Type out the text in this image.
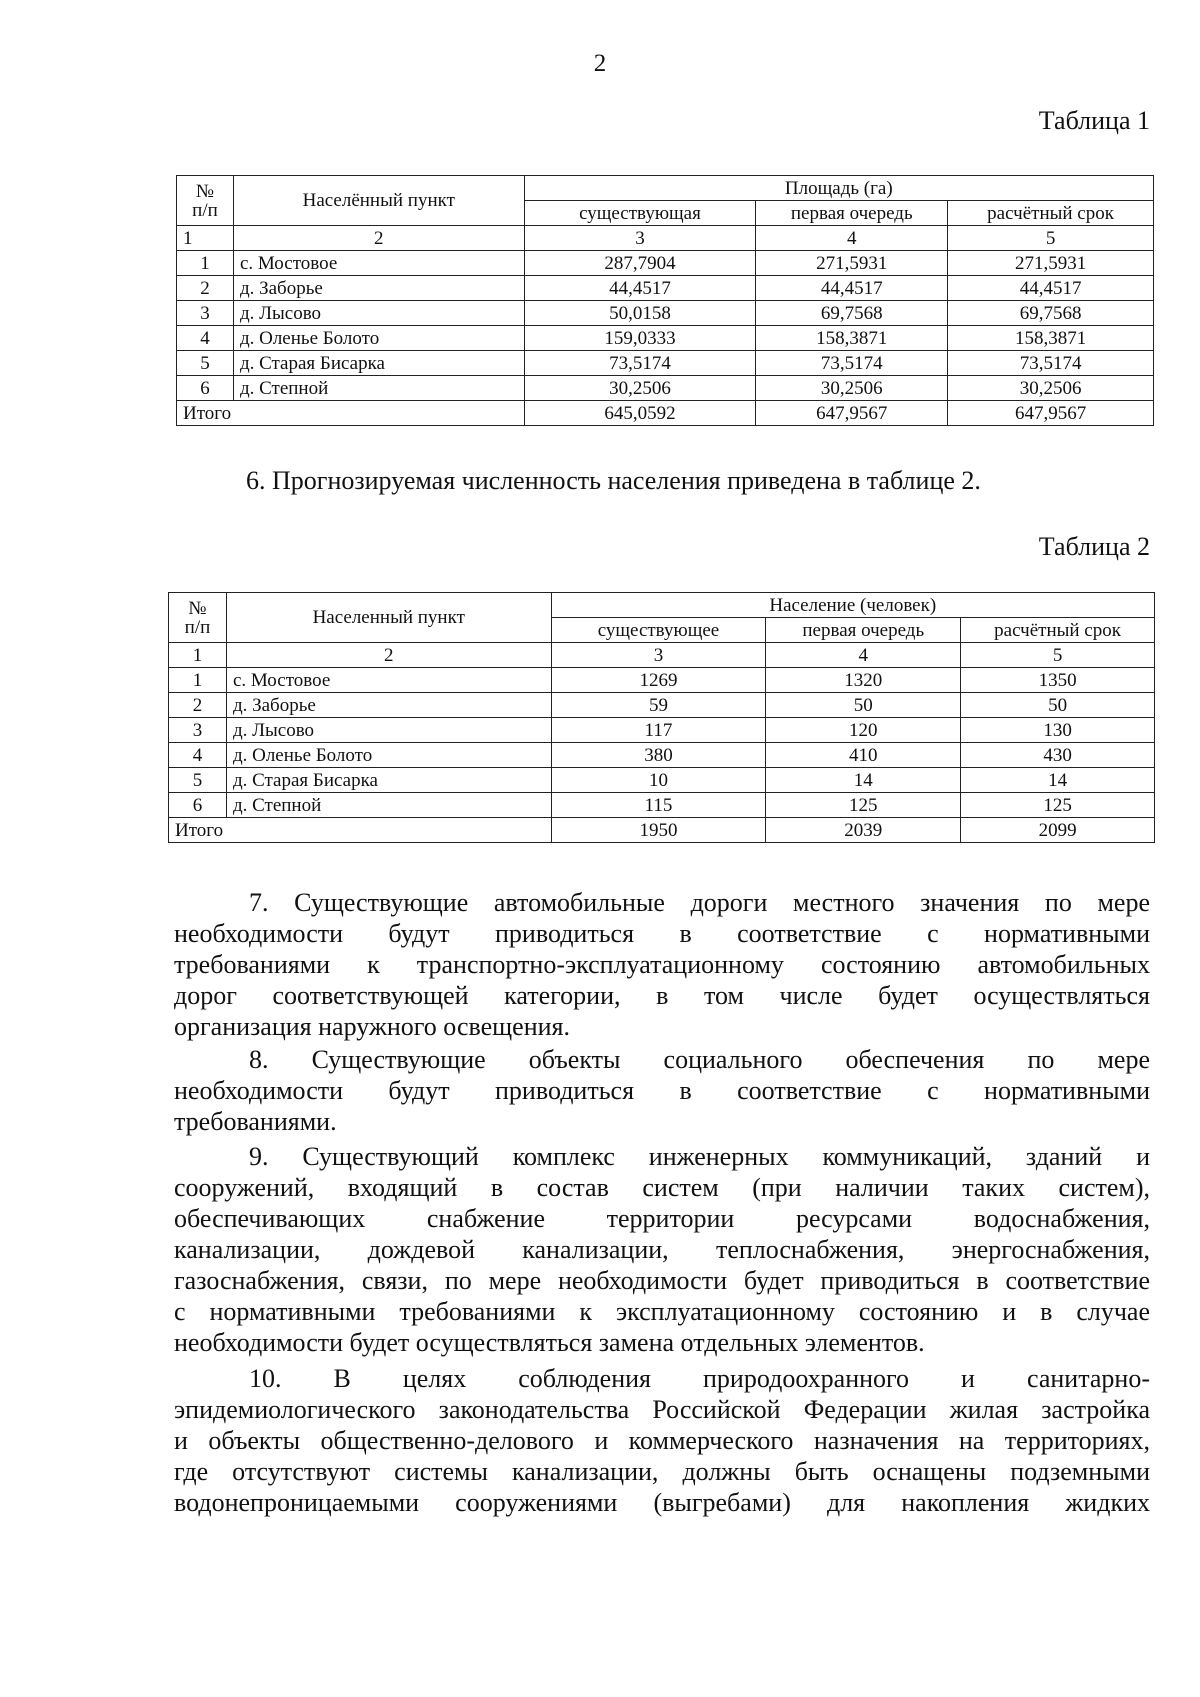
2
Таблица 1
№
п/п	Населённый пункт	Площадь (га)		
		существующая	первая очередь	расчётный срок
1	2	3	4	5
1	с. Мостовое	287,7904	271,5931	271,5931
2	д. Заборье	44,4517	44,4517	44,4517
3	д. Лысово	50,0158	69,7568	69,7568
4	д. Оленье Болото	159,0333	158,3871	158,3871
5	д. Старая Бисарка	73,5174	73,5174	73,5174
6	д. Степной	30,2506	30,2506	30,2506
Итого		645,0592	647,9567	647,9567
6. Прогнозируемая численность населения приведена в таблице 2.
Таблица 2
№
п/п	Населенный пункт	Население (человек)		
		существующее	первая очередь	расчётный срок
1	2	3	4	5
1	с. Мостовое	1269	1320	1350
2	д. Заборье	59	50	50
3	д. Лысово	117	120	130
4	д. Оленье Болото	380	410	430
5	д. Старая Бисарка	10	14	14
6	д. Степной	115	125	125
Итого		1950	2039	2099
7. Существующие автомобильные дороги местного значения по мере
необходимости будут приводиться в соответствие с нормативными
требованиями к транспортно-эксплуатационному состоянию автомобильных
дорог соответствующей категории, в том числе будет осуществляться
организация наружного освещения.
8. Существующие объекты социального обеспечения по мере
необходимости будут приводиться в соответствие с нормативными
требованиями.
9. Существующий комплекс инженерных коммуникаций, зданий и
сооружений, входящий в состав систем (при наличии таких систем),
обеспечивающих снабжение территории ресурсами водоснабжения,
канализации, дождевой канализации, теплоснабжения, энергоснабжения,
газоснабжения, связи, по мере необходимости будет приводиться в соответствие
с нормативными требованиями к эксплуатационному состоянию и в случае
необходимости будет осуществляться замена отдельных элементов.
10. В целях соблюдения природоохранного и санитарно-
эпидемиологического законодательства Российской Федерации жилая застройка
и объекты общественно-делового и коммерческого назначения на территориях,
где отсутствуют системы канализации, должны быть оснащены подземными
водонепроницаемыми сооружениями (выгребами) для накопления жидких
